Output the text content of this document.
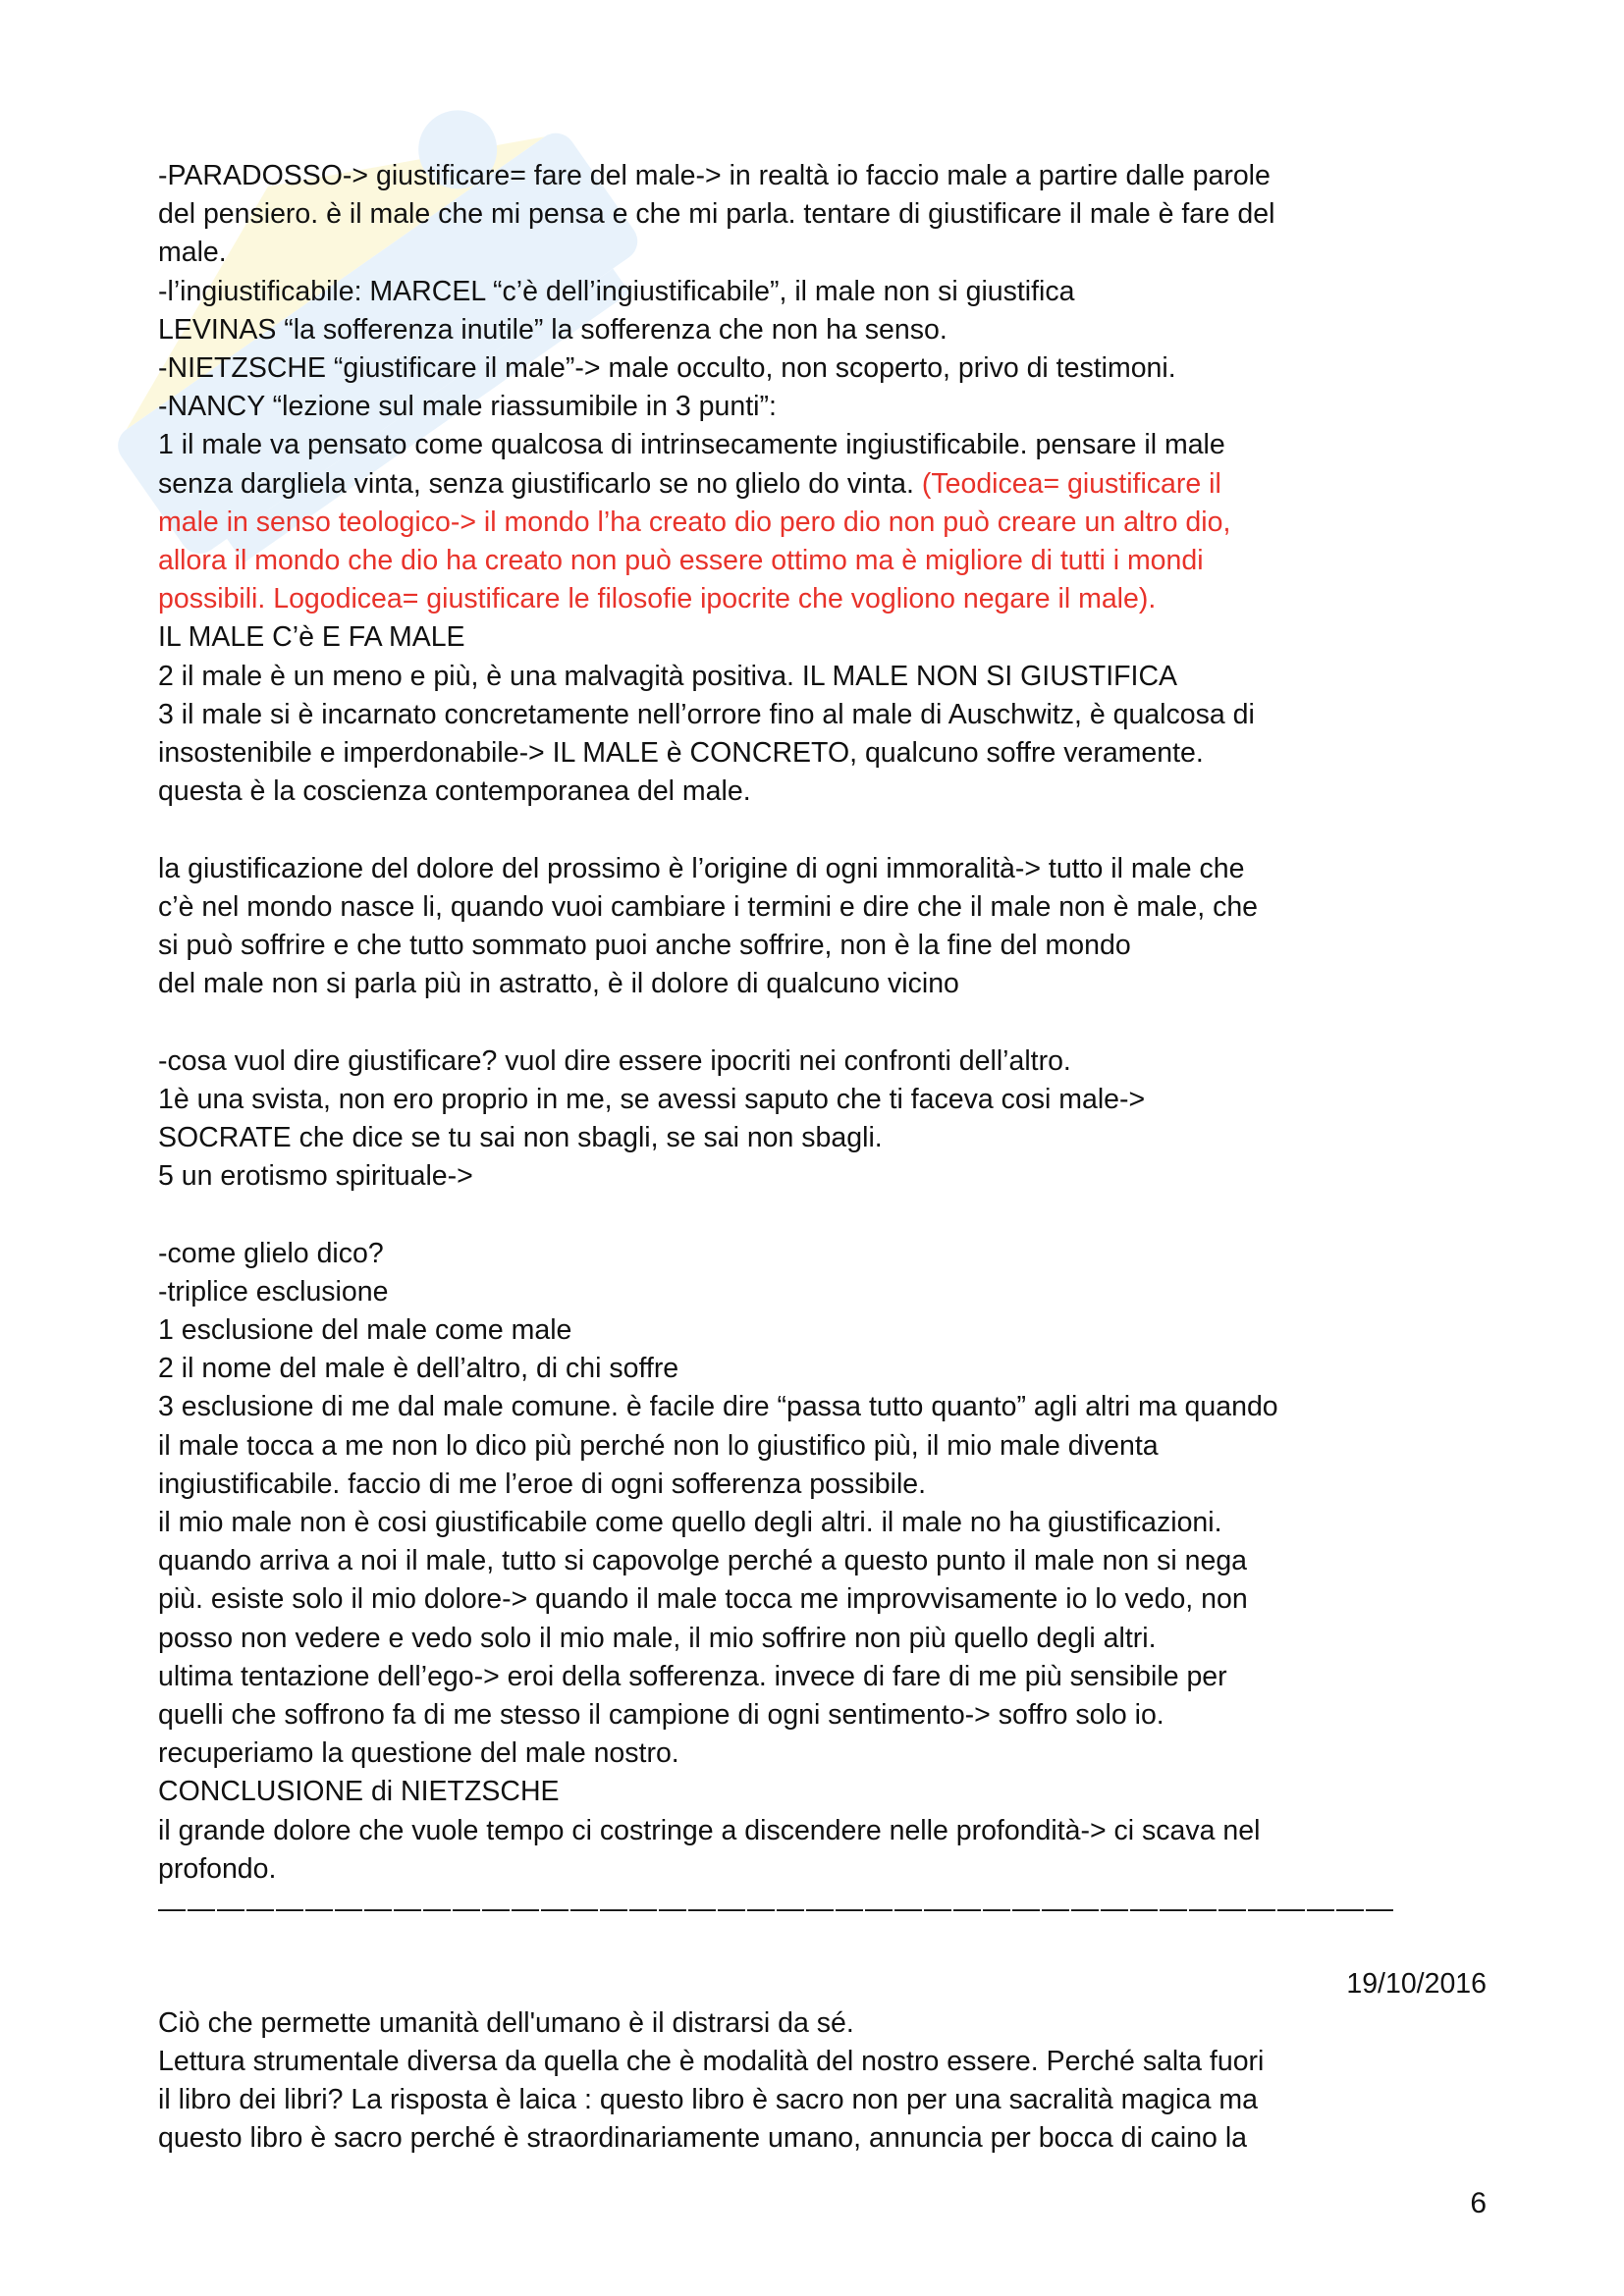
-PARADOSSO-> giustificare= fare del male-> in realtà io faccio male a partire dalle parole
del pensiero. è il male che mi pensa e che mi parla. tentare di giustificare il male è fare del
male.
-l’ingiustificabile: MARCEL “c’è dell’ingiustificabile”, il male non si giustifica
LEVINAS “la sofferenza inutile” la sofferenza che non ha senso.
-NIETZSCHE “giustificare il male”-> male occulto, non scoperto, privo di testimoni.
-NANCY “lezione sul male riassumibile in 3 punti”:
1 il male va pensato come qualcosa di intrinsecamente ingiustificabile. pensare il male
senza dargliela vinta, senza giustificarlo se no glielo do vinta. (Teodicea= giustificare il
male in senso teologico-> il mondo l’ha creato dio pero dio non può creare un altro dio,
allora il mondo che dio ha creato non può essere ottimo ma è migliore di tutti i mondi
possibili. Logodicea= giustificare le filosofie ipocrite che vogliono negare il male).
IL MALE C’è E FA MALE
2 il male è un meno e più, è una malvagità positiva. IL MALE NON SI GIUSTIFICA
3 il male si è incarnato concretamente nell’orrore fino al male di Auschwitz, è qualcosa di
insostenibile e imperdonabile-> IL MALE è CONCRETO, qualcuno soffre veramente.
questa è la coscienza contemporanea del male.
la giustificazione del dolore del prossimo è l’origine di ogni immoralità-> tutto il male che
c’è nel mondo nasce li, quando vuoi cambiare i termini e dire che il male non è male, che
si può soffrire e che tutto sommato puoi anche soffrire, non è la fine del mondo
del male non si parla più in astratto, è il dolore di qualcuno vicino
-cosa vuol dire giustificare? vuol dire essere ipocriti nei confronti dell’altro.
1è una svista, non ero proprio in me, se avessi saputo che ti faceva cosi male->
SOCRATE che dice se tu sai non sbagli, se sai non sbagli.
5 un erotismo spirituale->
-come glielo dico?
-triplice esclusione
1 esclusione del male come male
2 il nome del male è dell’altro, di chi soffre
3 esclusione di me dal male comune. è facile dire “passa tutto quanto” agli altri ma quando
il male tocca a me non lo dico più perché non lo giustifico più, il mio male diventa
ingiustificabile. faccio di me l’eroe di ogni sofferenza possibile.
il mio male non è cosi giustificabile come quello degli altri. il male no ha giustificazioni.
quando arriva a noi il male, tutto si capovolge perché a questo punto il male non si nega
più. esiste solo il mio dolore-> quando il male tocca me improvvisamente io lo vedo, non
posso non vedere e vedo solo il mio male, il mio soffrire non più quello degli altri.
ultima tentazione dell’ego-> eroi della sofferenza. invece di fare di me più sensibile per
quelli che soffrono fa di me stesso il campione di ogni sentimento-> soffro solo io.
recuperiamo la questione del male nostro.
CONCLUSIONE di NIETZSCHE
il grande dolore che vuole tempo ci costringe a discendere nelle profondità-> ci scava nel
profondo.
——————————————————————————————————————————
19/10/2016
Ciò che permette umanità dell'umano è il distrarsi da sé.
Lettura strumentale diversa da quella che è modalità del nostro essere. Perché salta fuori
il libro dei libri? La risposta è laica : questo libro è sacro non per una sacralità magica ma
questo libro è sacro perché è straordinariamente umano, annuncia per bocca di caino la
6
